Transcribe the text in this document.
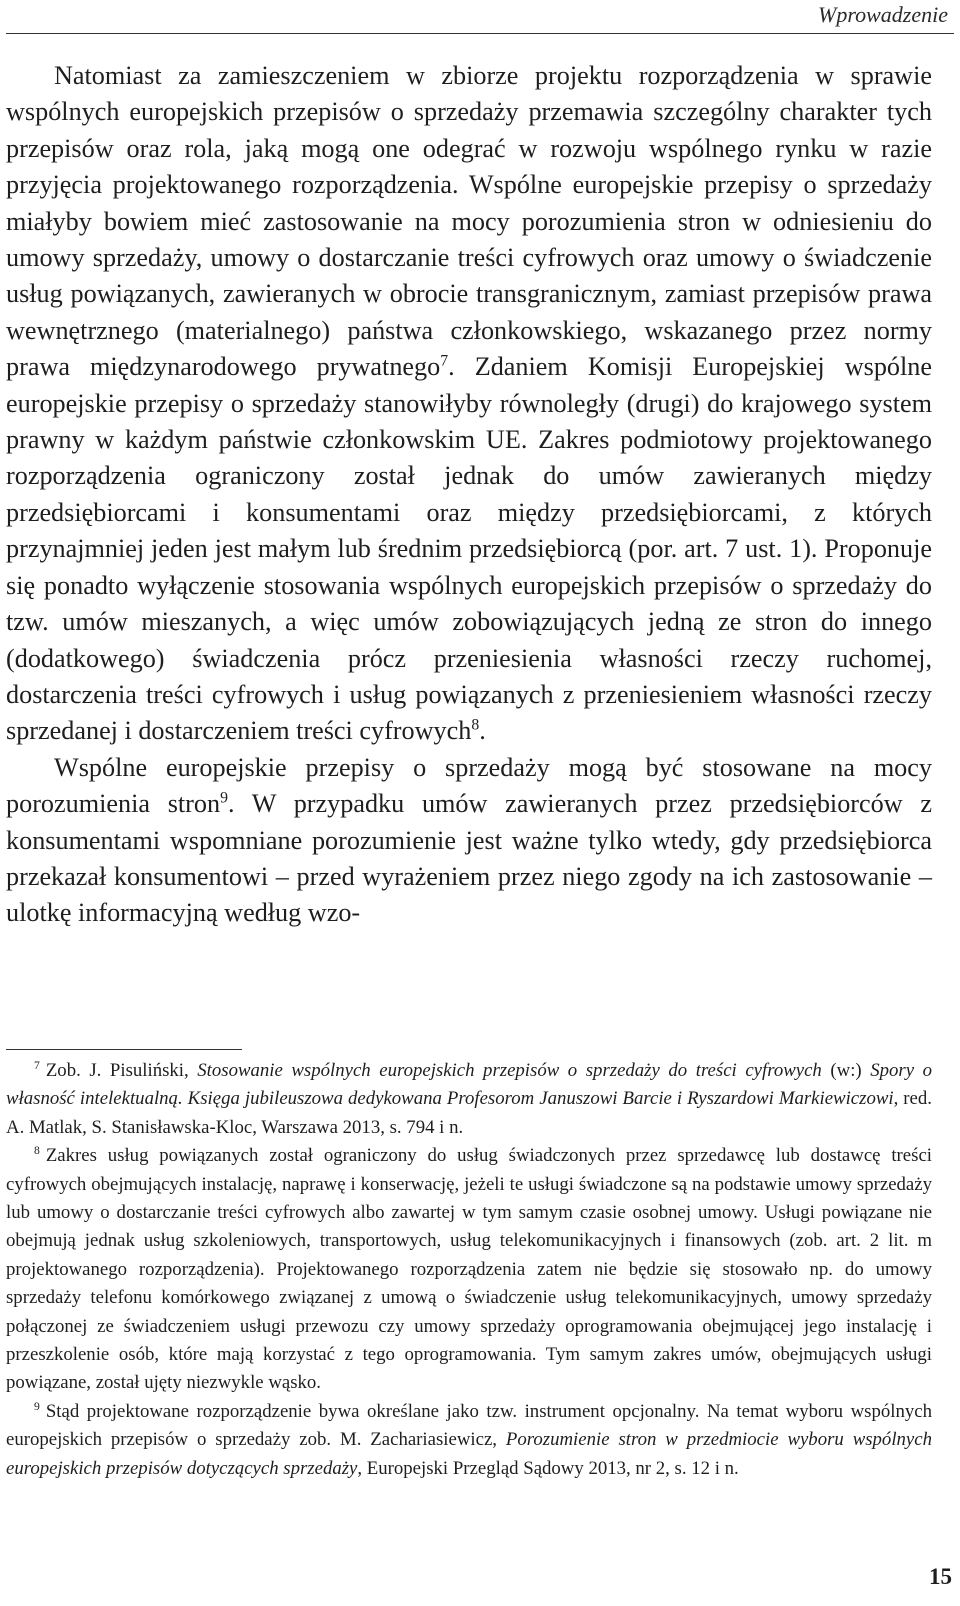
Wprowadzenie

Natomiast za zamieszczeniem w zbiorze projektu rozporządzenia w sprawie wspólnych europejskich przepisów o sprzedaży przemawia szczególny charakter tych przepisów oraz rola, jaką mogą one odegrać w rozwoju wspólnego rynku w razie przyjęcia projektowanego rozporządzenia. Wspólne europejskie przepisy o sprzedaży miałyby bowiem mieć zastosowanie na mocy porozumienia stron w odniesieniu do umowy sprzedaży, umowy o dostarczanie treści cyfrowych oraz umowy o świadczenie usług powiązanych, zawieranych w obrocie transgranicznym, zamiast przepisów prawa wewnętrznego (materialnego) państwa członkowskiego, wskazanego przez normy prawa międzynarodowego prywatnego$^7$. Zdaniem Komisji Europejskiej wspólne europejskie przepisy o sprzedaży stanowiłyby równoległy (drugi) do krajowego system prawny w każdym państwie członkowskim UE. Zakres podmiotowy projektowanego rozporządzenia ograniczony został jednak do umów zawieranych między przedsiębiorcami i konsumentami oraz między przedsiębiorcami, z których przynajmniej jeden jest małym lub średnim przedsiębiorcą (por. art. 7 ust. 1). Proponuje się ponadto wyłączenie stosowania wspólnych europejskich przepisów o sprzedaży do tzw. umów mieszanych, a więc umów zobowiązujących jedną ze stron do innego (dodatkowego) świadczenia prócz przeniesienia własności rzeczy ruchomej, dostarczenia treści cyfrowych i usług powiązanych z przeniesieniem własności rzeczy sprzedanej i dostarczeniem treści cyfrowych$^8$.

Wspólne europejskie przepisy o sprzedaży mogą być stosowane na mocy porozumienia stron$^9$. W przypadku umów zawieranych przez przedsiębiorców z konsumentami wspomniane porozumienie jest ważne tylko wtedy, gdy przedsiębiorca przekazał konsumentowi – przed wyrażeniem przez niego zgody na ich zastosowanie – ulotkę informacyjną według wzo-

$^7$ Zob. J. Pisuliński, Stosowanie wspólnych europejskich przepisów o sprzedaży do treści cyfrowych (w:) Spory o własność intelektualną. Księga jubileuszowa dedykowana Profesorom Januszowi Barcie i Ryszardowi Markiewiczowi, red. A. Matlak, S. Stanisławska-Kloc, Warszawa 2013, s. 794 i n.

$^8$ Zakres usług powiązanych został ograniczony do usług świadczonych przez sprzedawcę lub dostawcę treści cyfrowych obejmujących instalację, naprawę i konserwację, jeżeli te usługi świadczone są na podstawie umowy sprzedaży lub umowy o dostarczanie treści cyfrowych albo zawartej w tym samym czasie osobnej umowy. Usługi powiązane nie obejmują jednak usług szkoleniowych, transportowych, usług telekomunikacyjnych i finansowych (zob. art. 2 lit. m projektowanego rozporządzenia). Projektowanego rozporządzenia zatem nie będzie się stosowało np. do umowy sprzedaży telefonu komórkowego związanej z umową o świadczenie usług telekomunikacyjnych, umowy sprzedaży połączonej ze świadczeniem usługi przewozu czy umowy sprzedaży oprogramowania obejmującej jego instalację i przeszkolenie osób, które mają korzystać z tego oprogramowania. Tym samym zakres umów, obejmujących usługi powiązane, został ujęty niezwykle wąsko.

$^9$ Stąd projektowane rozporządzenie bywa określane jako tzw. instrument opcjonalny. Na temat wyboru wspólnych europejskich przepisów o sprzedaży zob. M. Zachariasiewicz, Porozumienie stron w przedmiocie wyboru wspólnych europejskich przepisów dotyczących sprzedaży, Europejski Przegląd Sądowy 2013, nr 2, s. 12 i n.

15
